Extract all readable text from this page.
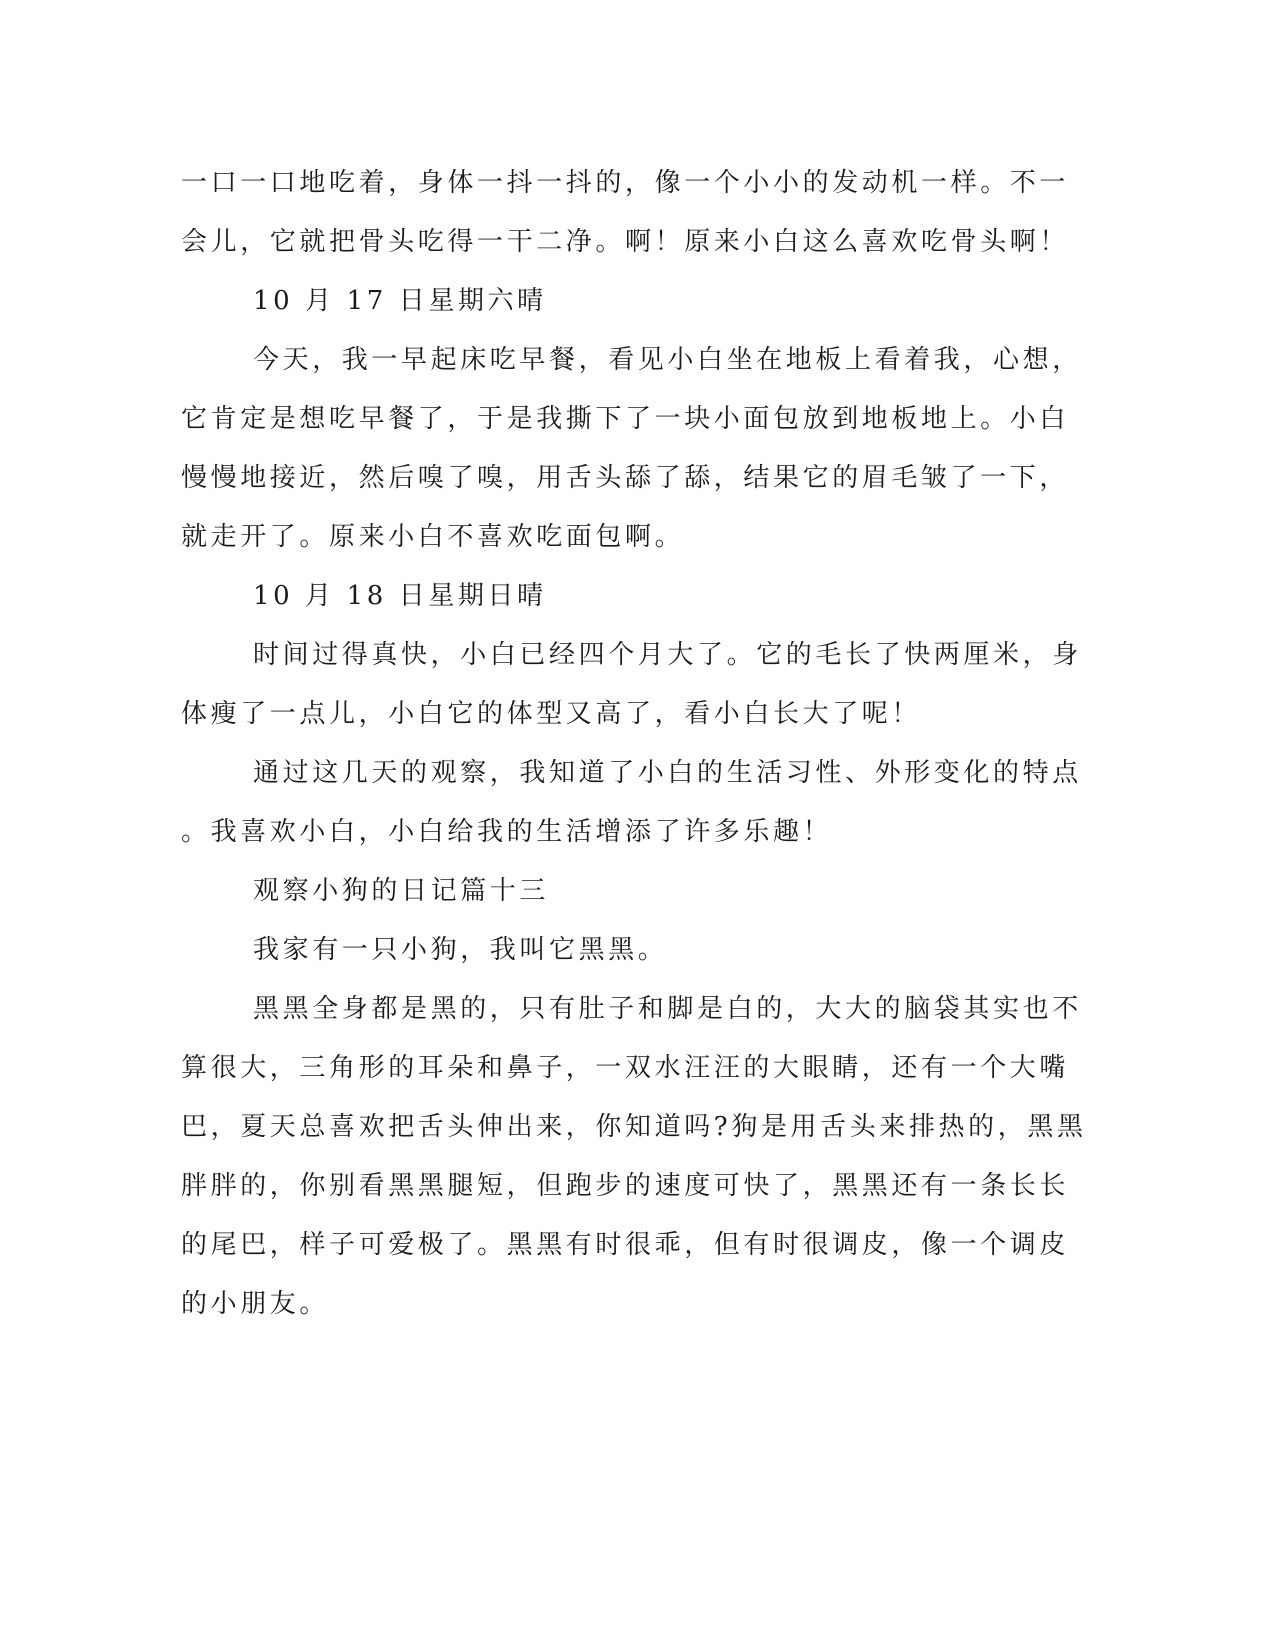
一口一口地吃着，身体一抖一抖的，像一个小小的发动机一样。不一
会儿，它就把骨头吃得一干二净。啊！原来小白这么喜欢吃骨头啊！
10 月 17 日星期六晴
今天，我一早起床吃早餐，看见小白坐在地板上看着我，心想，
它肯定是想吃早餐了，于是我撕下了一块小面包放到地板地上。小白
慢慢地接近，然后嗅了嗅，用舌头舔了舔，结果它的眉毛皱了一下，
就走开了。原来小白不喜欢吃面包啊。
10 月 18 日星期日晴
时间过得真快，小白已经四个月大了。它的毛长了快两厘米，身
体瘦了一点儿，小白它的体型又高了，看小白长大了呢！
通过这几天的观察，我知道了小白的生活习性、外形变化的特点
。我喜欢小白，小白给我的生活增添了许多乐趣！
观察小狗的日记篇十三
我家有一只小狗，我叫它黑黑。
黑黑全身都是黑的，只有肚子和脚是白的，大大的脑袋其实也不
算很大，三角形的耳朵和鼻子，一双水汪汪的大眼睛，还有一个大嘴
巴，夏天总喜欢把舌头伸出来，你知道吗?狗是用舌头来排热的，黑黑
胖胖的，你别看黑黑腿短，但跑步的速度可快了，黑黑还有一条长长
的尾巴，样子可爱极了。黑黑有时很乖，但有时很调皮，像一个调皮
的小朋友。
